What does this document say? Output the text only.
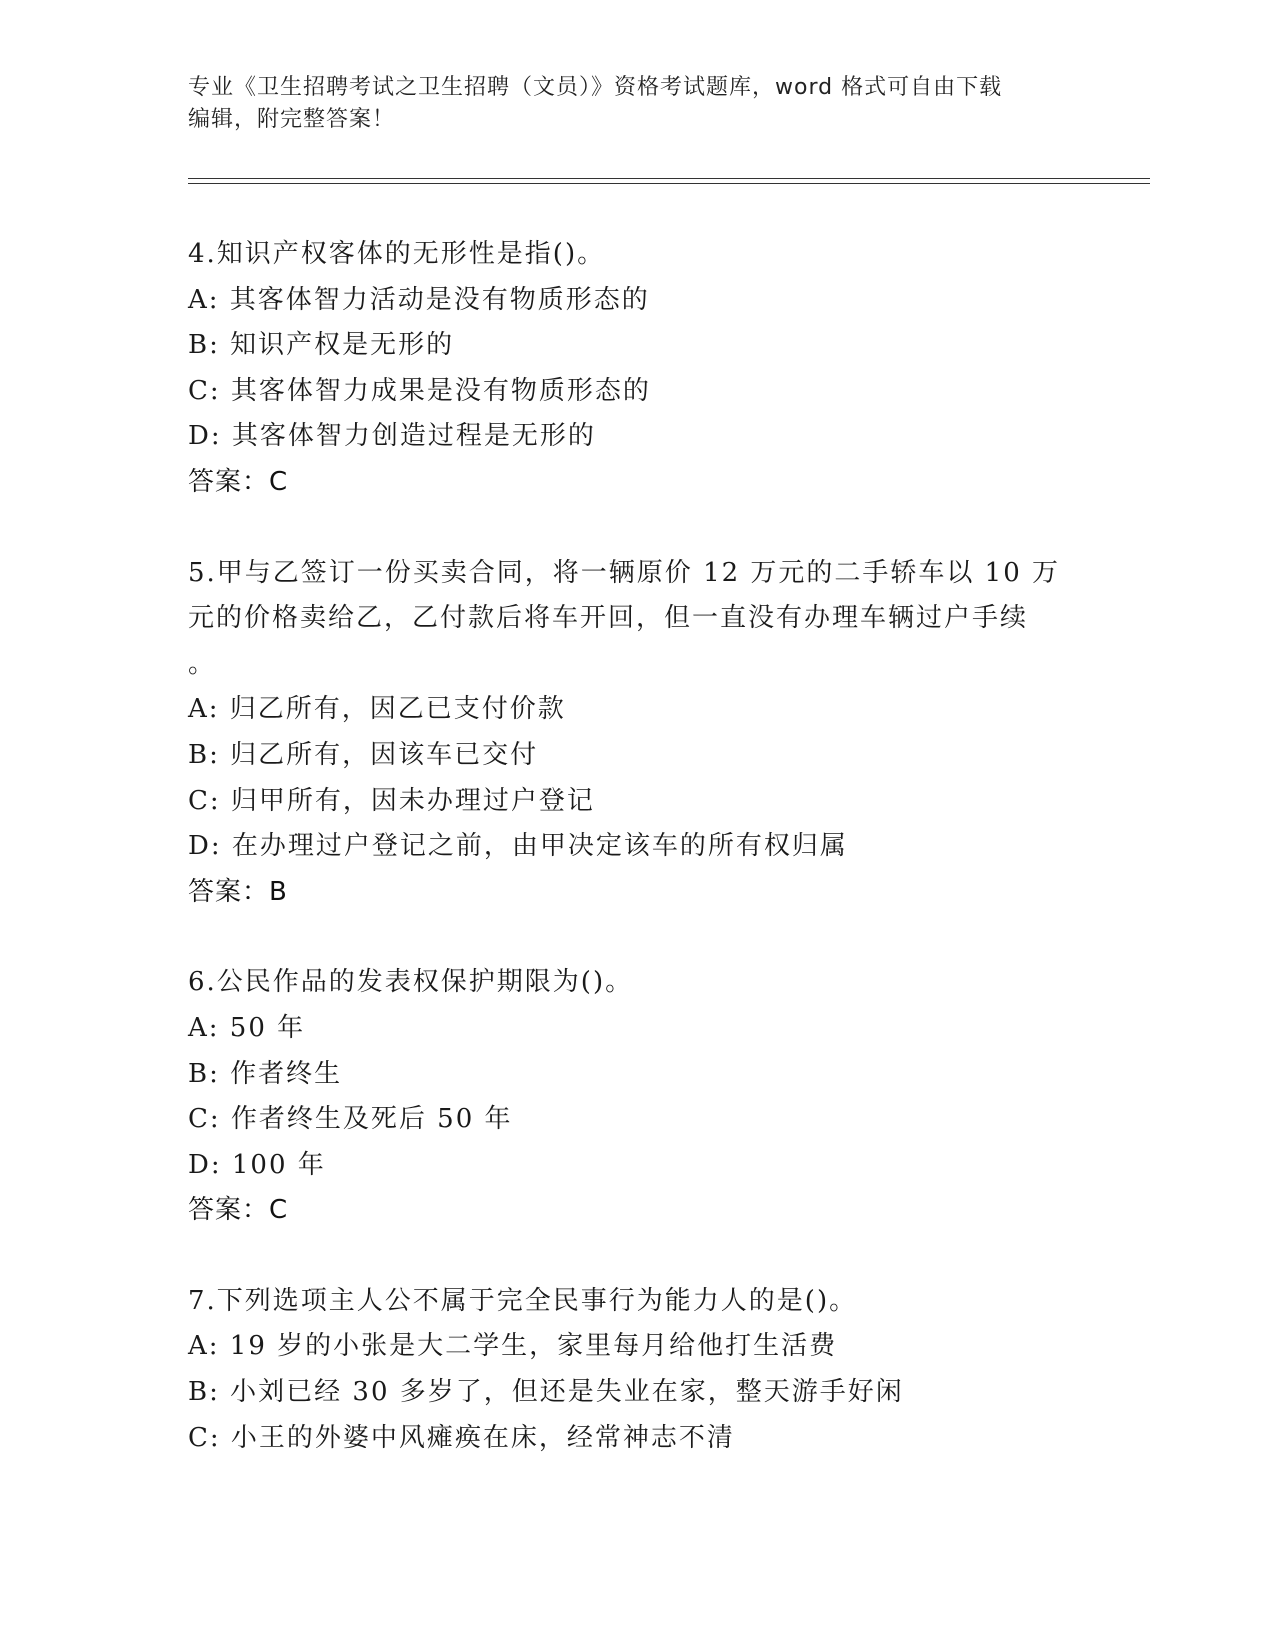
专业《卫生招聘考试之卫生招聘（文员）》资格考试题库，word 格式可自由下载
编辑，附完整答案！
4.知识产权客体的无形性是指()。
A: 其客体智力活动是没有物质形态的
B: 知识产权是无形的
C: 其客体智力成果是没有物质形态的
D: 其客体智力创造过程是无形的
答案：C
5.甲与乙签订一份买卖合同，将一辆原价 12 万元的二手轿车以 10 万
元的价格卖给乙，乙付款后将车开回，但一直没有办理车辆过户手续
。
A: 归乙所有，因乙已支付价款
B: 归乙所有，因该车已交付
C: 归甲所有，因未办理过户登记
D: 在办理过户登记之前，由甲决定该车的所有权归属
答案：B
6.公民作品的发表权保护期限为()。
A: 50 年
B: 作者终生
C: 作者终生及死后 50 年
D: 100 年
答案：C
7.下列选项主人公不属于完全民事行为能力人的是()。
A: 19 岁的小张是大二学生，家里每月给他打生活费
B: 小刘已经 30 多岁了，但还是失业在家，整天游手好闲
C: 小王的外婆中风瘫痪在床，经常神志不清
